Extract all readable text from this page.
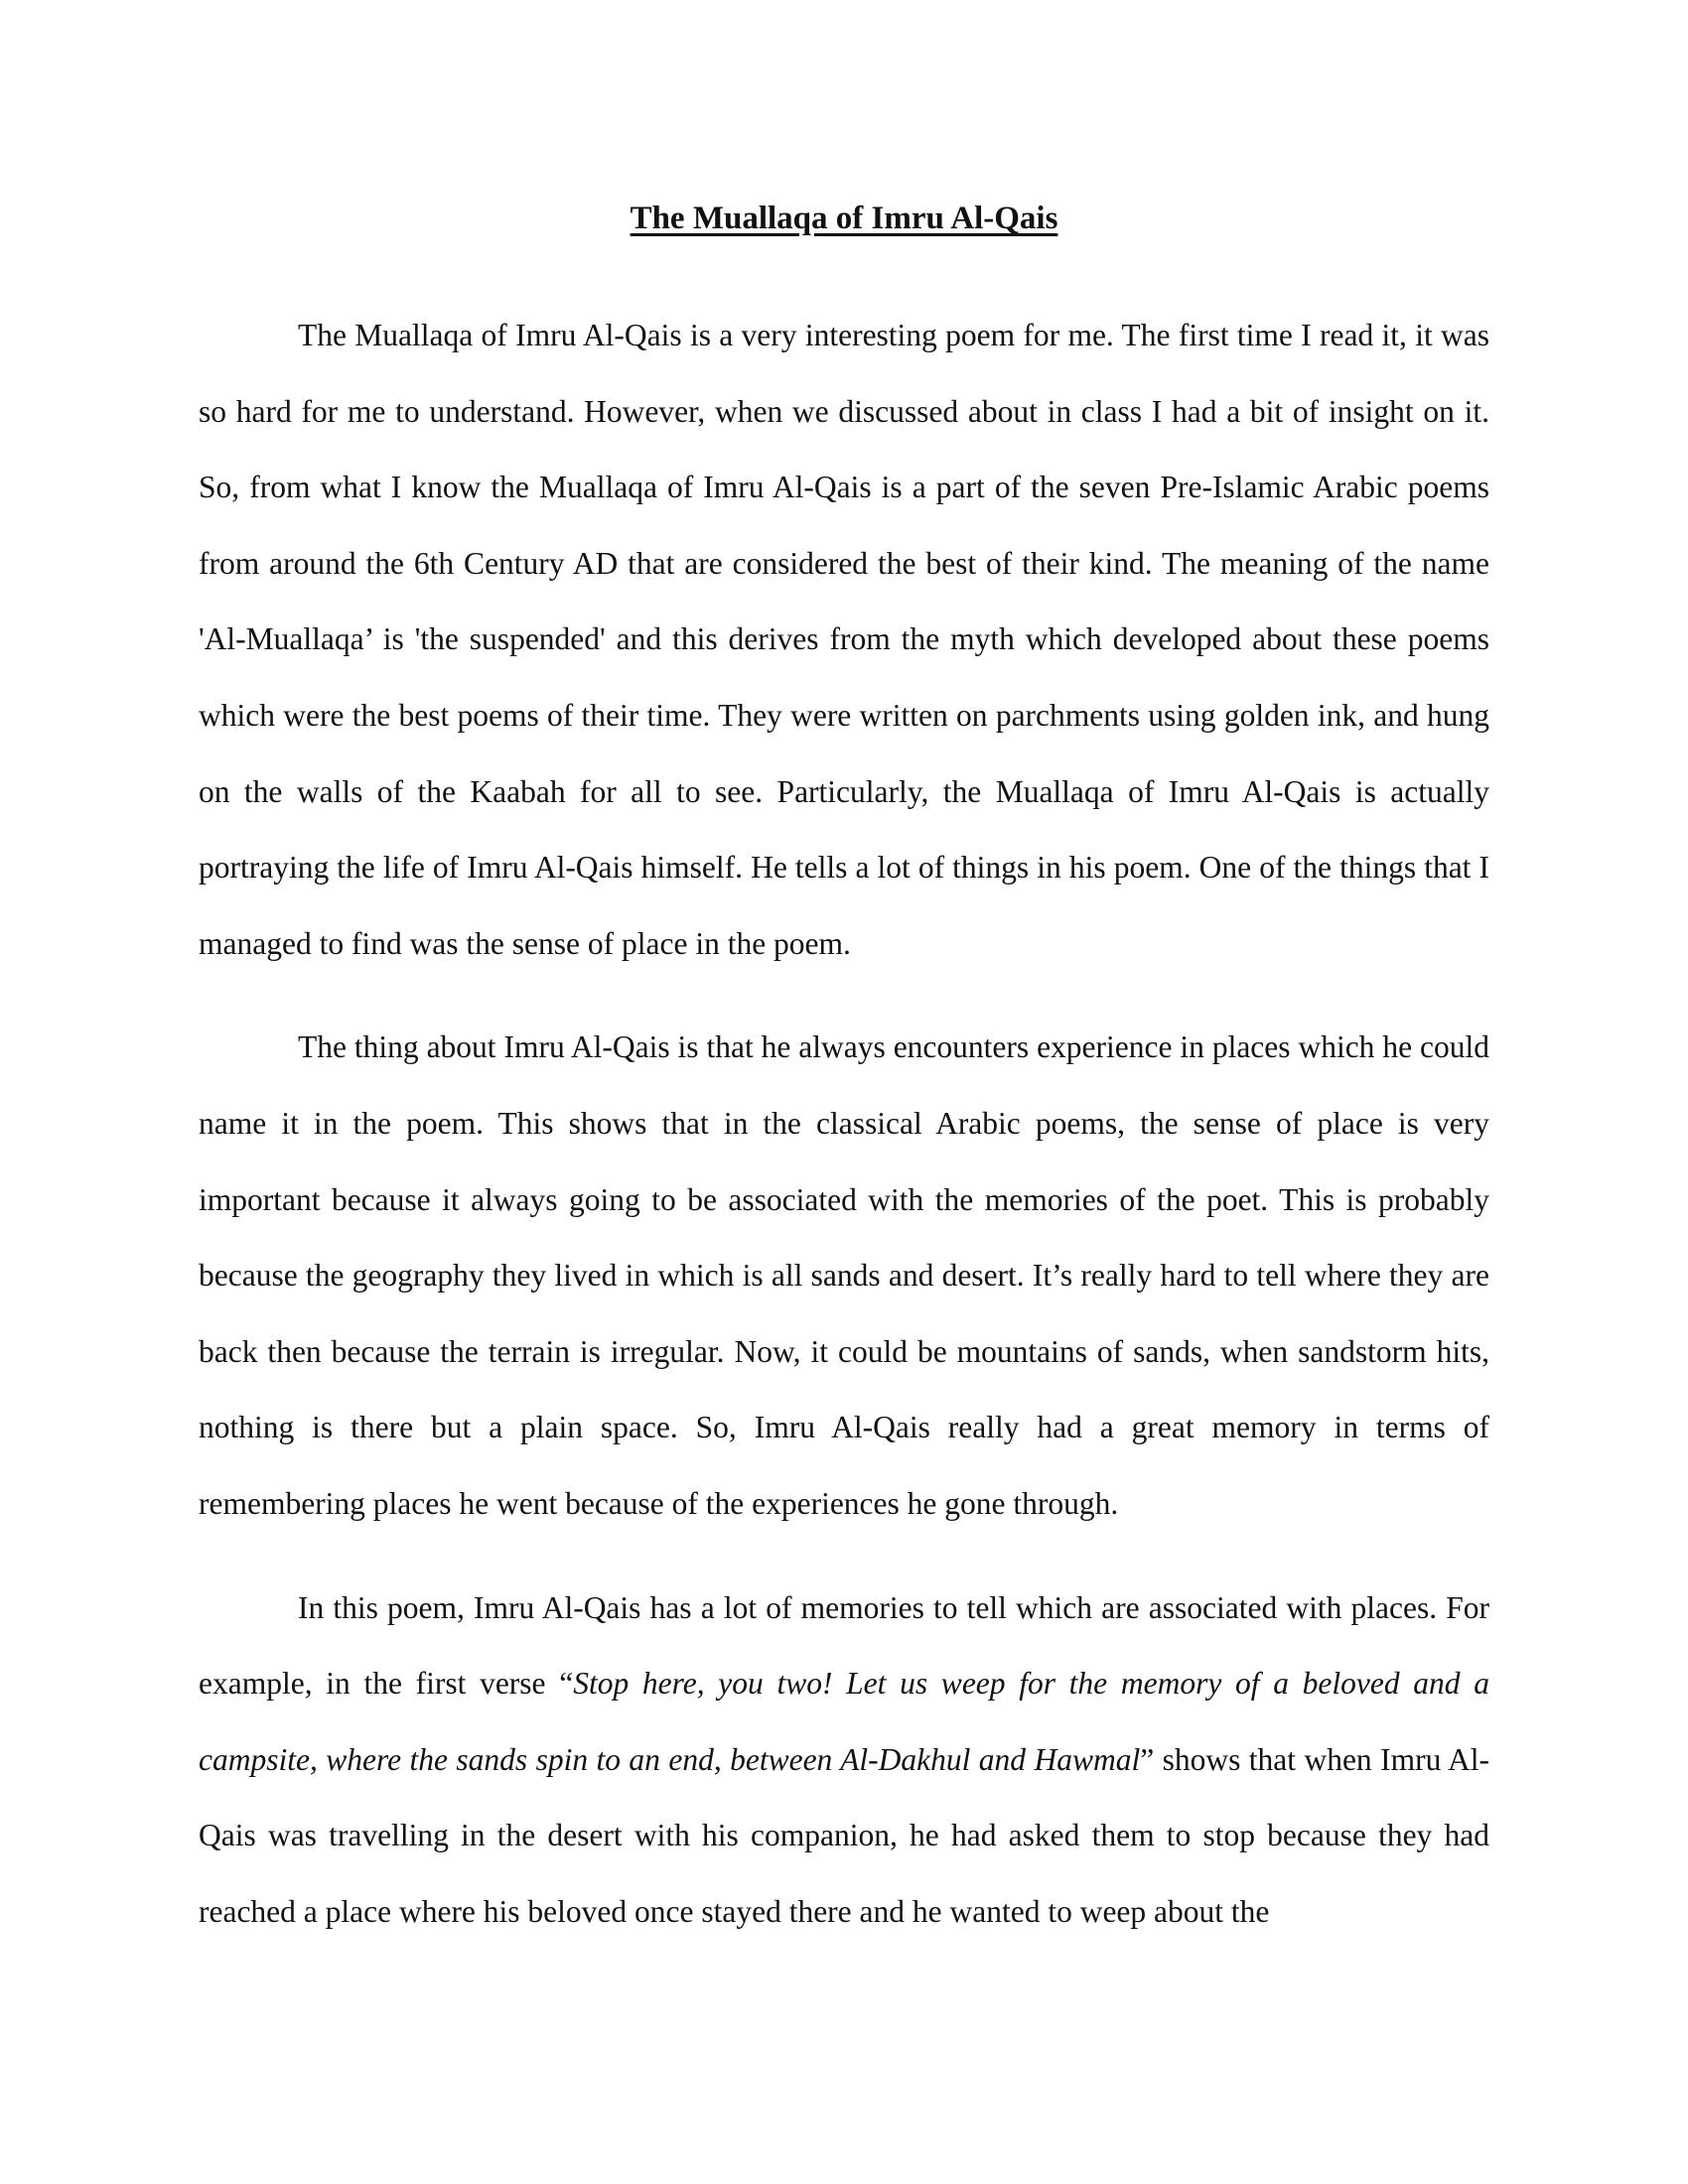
The Muallaqa of Imru Al-Qais

The Muallaqa of Imru Al-Qais is a very interesting poem for me. The first time I read it, it was so hard for me to understand. However, when we discussed about in class I had a bit of insight on it. So, from what I know the Muallaqa of Imru Al-Qais is a part of the seven Pre-Islamic Arabic poems from around the 6th Century AD that are considered the best of their kind. The meaning of the name 'Al-Muallaqa’ is 'the suspended' and this derives from the myth which developed about these poems which were the best poems of their time. They were written on parchments using golden ink, and hung on the walls of the Kaabah for all to see. Particularly, the Muallaqa of Imru Al-Qais is actually portraying the life of Imru Al-Qais himself. He tells a lot of things in his poem. One of the things that I managed to find was the sense of place in the poem.

The thing about Imru Al-Qais is that he always encounters experience in places which he could name it in the poem. This shows that in the classical Arabic poems, the sense of place is very important because it always going to be associated with the memories of the poet. This is probably because the geography they lived in which is all sands and desert. It’s really hard to tell where they are back then because the terrain is irregular. Now, it could be mountains of sands, when sandstorm hits, nothing is there but a plain space. So, Imru Al-Qais really had a great memory in terms of remembering places he went because of the experiences he gone through.

In this poem, Imru Al-Qais has a lot of memories to tell which are associated with places. For example, in the first verse “Stop here, you two! Let us weep for the memory of a beloved and a campsite, where the sands spin to an end, between Al-Dakhul and Hawmal” shows that when Imru Al-Qais was travelling in the desert with his companion, he had asked them to stop because they had reached a place where his beloved once stayed there and he wanted to weep about the
